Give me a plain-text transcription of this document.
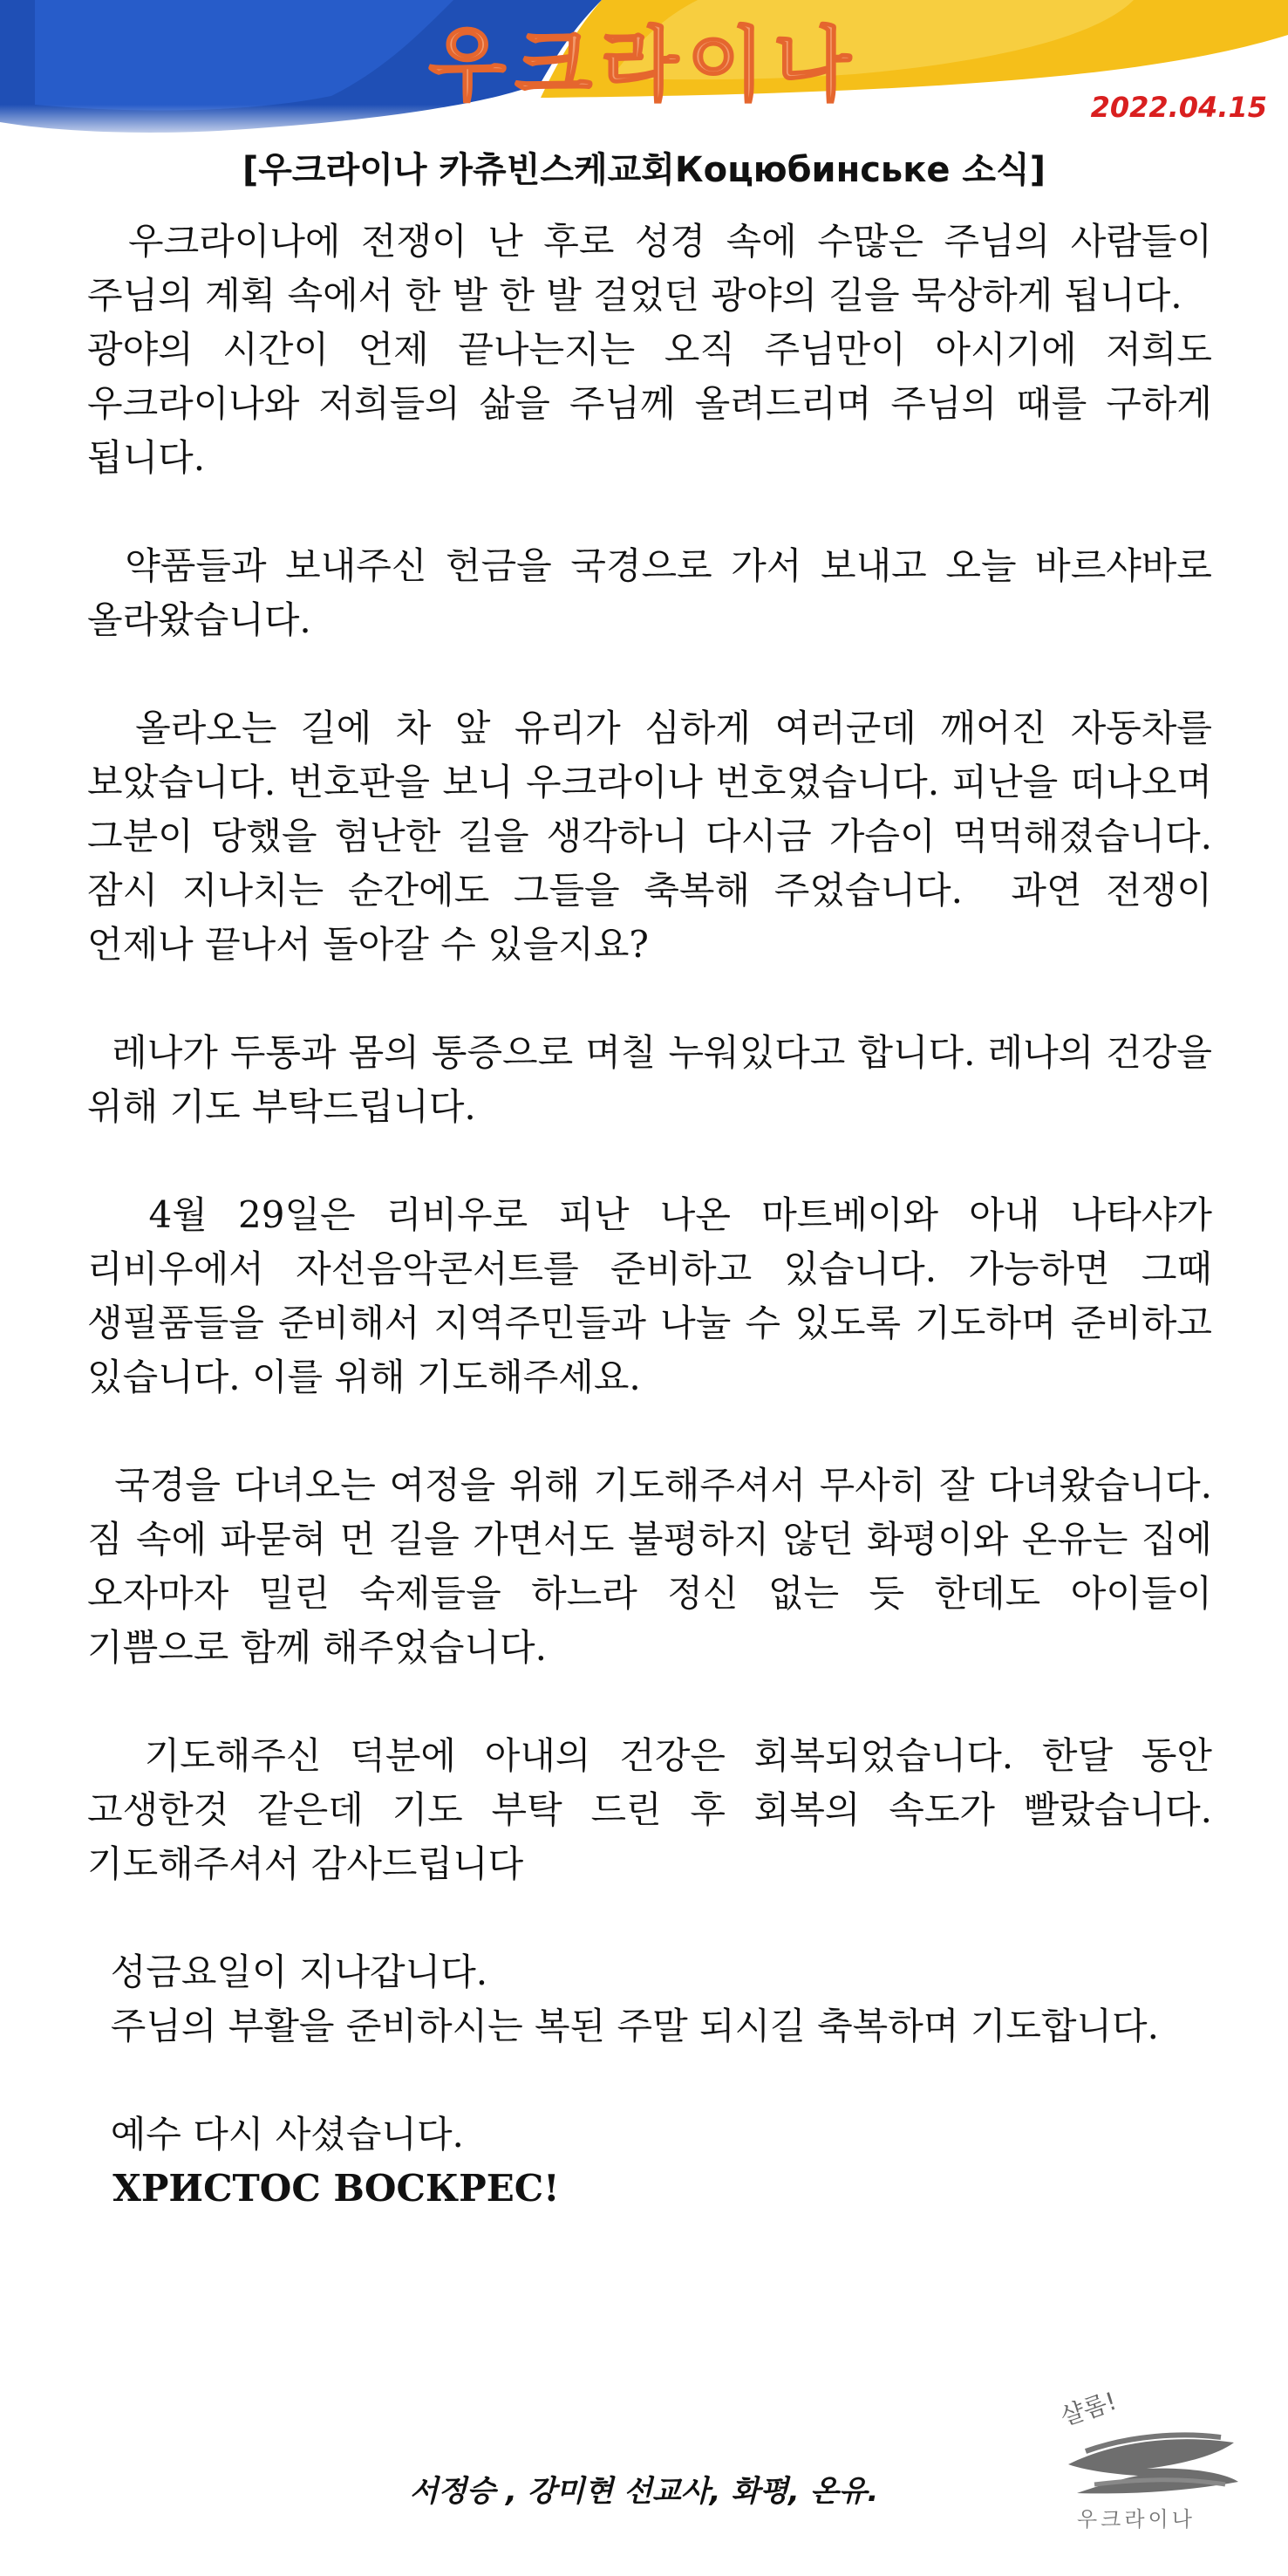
우크라이나	2022.04.15
[우크라이나 카츄빈스케교회Коцюбинське 소식]

우크라이나에 전쟁이 난 후로 성경 속에 수많은 주님의 사람들이 주님의 계획 속에서 한 발 한 발 걸었던 광야의 길을 묵상하게 됩니다.
광야의 시간이 언제 끝나는지는 오직 주님만이 아시기에 저희도 우크라이나와 저희들의 삶을 주님께 올려드리며 주님의 때를 구하게 됩니다.

약품들과 보내주신 헌금을 국경으로 가서 보내고 오늘 바르샤바로 올라왔습니다.

올라오는 길에 차 앞 유리가 심하게 여러군데 깨어진 자동차를 보았습니다. 번호판을 보니 우크라이나 번호였습니다. 피난을 떠나오며 그분이 당했을 험난한 길을 생각하니 다시금 가슴이 먹먹해졌습니다. 잠시 지나치는 순간에도 그들을 축복해 주었습니다.  과연 전쟁이 언제나 끝나서 돌아갈 수 있을지요?

레나가 두통과 몸의 통증으로 며칠 누워있다고 합니다. 레나의 건강을 위해 기도 부탁드립니다.

4월 29일은 리비우로 피난 나온 마트베이와 아내 나타샤가 리비우에서 자선음악콘서트를 준비하고 있습니다. 가능하면 그때 생필품들을 준비해서 지역주민들과 나눌 수 있도록 기도하며 준비하고 있습니다. 이를 위해 기도해주세요.

국경을 다녀오는 여정을 위해 기도해주셔서 무사히 잘 다녀왔습니다. 짐 속에 파묻혀 먼 길을 가면서도 불평하지 않던 화평이와 온유는 집에 오자마자 밀린 숙제들을 하느라 정신 없는 듯 한데도 아이들이 기쁨으로 함께 해주었습니다.

기도해주신 덕분에 아내의 건강은 회복되었습니다. 한달 동안 고생한것 같은데 기도 부탁 드린 후 회복의 속도가 빨랐습니다. 기도해주셔서 감사드립니다

성금요일이 지나갑니다.
주님의 부활을 준비하시는 복된 주말 되시길 축복하며 기도합니다.

예수 다시 사셨습니다.

ХРИСТОС ВОСКРЕС!

서정승 , 강미현 선교사, 화평, 온유.
샬롬!
우크라이나
